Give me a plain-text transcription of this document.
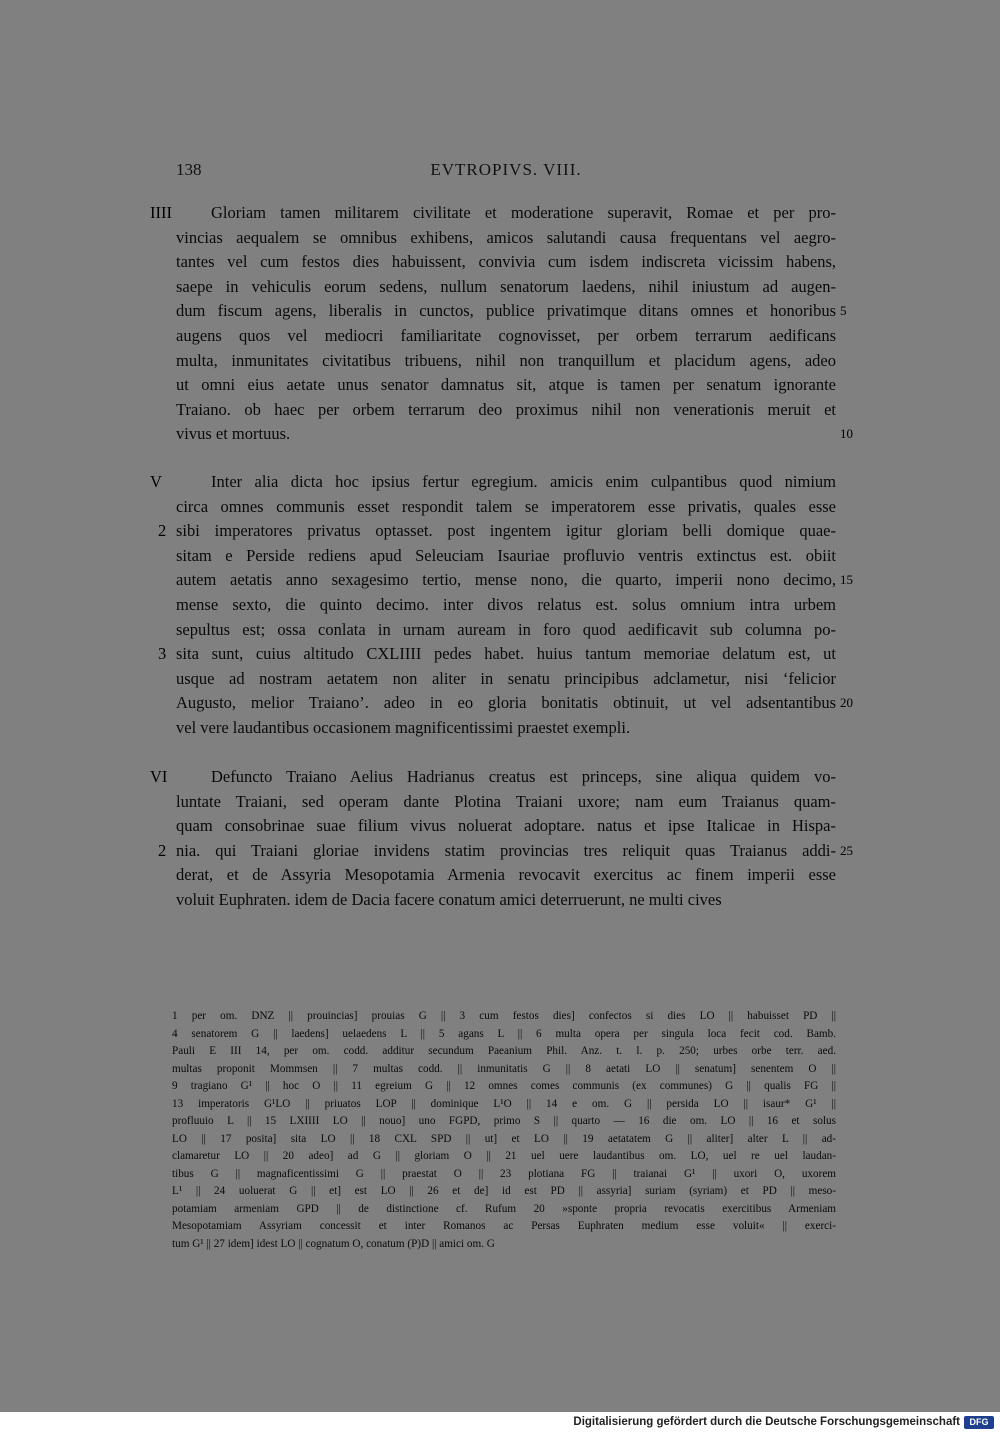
138	EVTROPIVS. VIII.
IIII Gloriam tamen militarem civilitate et moderatione superavit, Romae et per pro-
vincias aequalem se omnibus exhibens, amicos salutandi causa frequentans vel aegro-
tantes vel cum festos dies habuissent, convivia cum isdem indiscreta vicissim habens,
saepe in vehiculis eorum sedens, nullum senatorum laedens, nihil iniustum ad augen-
dum fiscum agens, liberalis in cunctos, publice privatimque ditans omnes et honoribus 5
augens quos vel mediocri familiaritate cognovisset, per orbem terrarum aedificans
multa, inmunitates civitatibus tribuens, nihil non tranquillum et placidum agens, adeo
ut omni eius aetate unus senator damnatus sit, atque is tamen per senatum ignorante
Traiano. ob haec per orbem terrarum deo proximus nihil non venerationis meruit et
vivus et mortuus.	10
V	Inter alia dicta hoc ipsius fertur egregium. amicis enim culpantibus quod nimium
circa omnes communis esset respondit talem se imperatorem esse privatis, quales esse
sibi imperatores privatus optasset. post ingentem igitur gloriam belli domique quae-
2
sitam e Perside rediens apud Seleuciam Isauriae profluvio ventris extinctus est. obiit
autem aetatis anno sexagesimo tertio, mense nono, die quarto, imperii nono decimo, 15
mense sexto, die quinto decimo. inter divos relatus est. solus omnium intra urbem
sepultus est; ossa conlata in urnam auream in foro quod aedificavit sub columna po-
sita sunt, cuius altitudo CXLIIII pedes habet. huius tantum memoriae delatum est, ut
3
usque ad nostram aetatem non aliter in senatu principibus adclametur, nisi ‘felicior
Augusto, melior Traiano’. adeo in eo gloria bonitatis obtinuit, ut vel adsentantibus 20
vel vere laudantibus occasionem magnificentissimi praestet exempli.
VI	Defuncto Traiano Aelius Hadrianus creatus est princeps, sine aliqua quidem vo-
luntate Traiani, sed operam dante Plotina Traiani uxore; nam eum Traianus quam-
quam consobrinae suae filium vivus noluerat adoptare. natus et ipse Italicae in Hispa-
nia. qui Traiani gloriae invidens statim provincias tres reliquit quas Traianus addi-
2	25
derat, et de Assyria Mesopotamia Armenia revocavit exercitus ac finem imperii esse
voluit Euphraten. idem de Dacia facere conatum amici deterruerunt, ne multi cives
1 per om. DNZ || prouincias] prouias G || 3 cum festos dies] confectos si dies LO || habuisset PD ||
4 senatorem G || laedens] uelaedens L || 5 agans L || 6 multa opera per singula loca fecit cod. Bamb.
Pauli E III 14, per om. codd. additur secundum Paeanium Phil. Anz. t. l. p. 250; urbes orbe terr. aed.
multas proponit Mommsen || 7 multas codd. || inmunitatis G || 8 aetati LO || senatum] senentem O ||
9 tragiano G¹ || hoc O || 11 egreium G || 12 omnes comes communis (ex communes) G || qualis FG ||
13 imperatoris G¹LO || priuatos LOP || dominique L¹O || 14 e om. G || persida LO || isaur* G¹ ||
profluuio L || 15 LXIIII LO || nouo] uno FGPD, primo S || quarto — 16 die om. LO || 16 et solus
LO || 17 posita] sita LO || 18 CXL SPD || ut] et LO || 19 aetatatem G || aliter] alter L || ad-
clamaretur LO || 20 adeo] ad G || gloriam O || 21 uel uere laudantibus om. LO, uel re uel laudan-
tibus G || magnaficentissimi G || praestat O || 23 plotiana FG || traianai G¹ || uxori O, uxorem
L¹ || 24 uoluerat G || et] est LO || 26 et de] id est PD || assyria] suriam (syriam) et PD || meso-
potamiam armeniam GPD || de distinctione cf. Rufum 20 »sponte propria revocatis exercitibus Armeniam
Mesopotamiam Assyriam concessit et inter Romanos ac Persas Euphraten medium esse voluit« || exerci-
tum G¹ || 27 idem] idest LO || cognatum O, conatum (P)D || amici om. G
Digitalisierung gefördert durch die Deutsche Forschungsgemeinschaft	DFG
